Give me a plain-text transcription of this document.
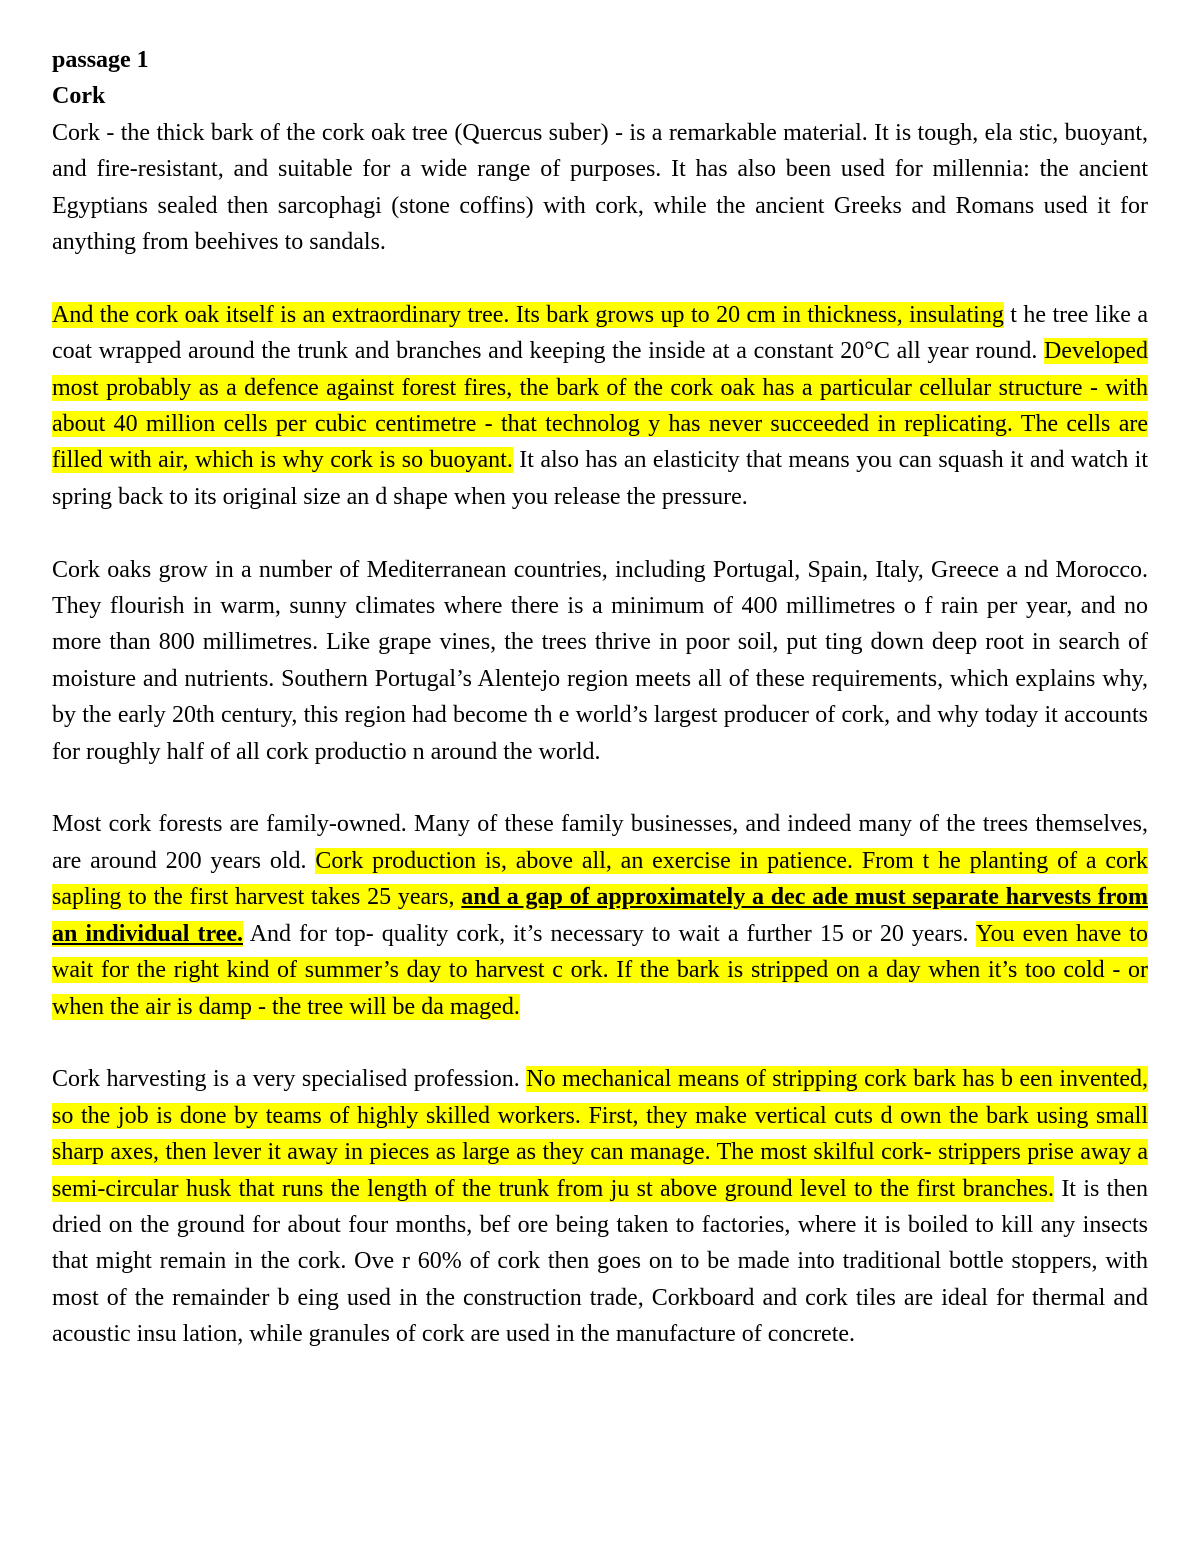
passage 1
Cork

Cork - the thick bark of the cork oak tree (Quercus suber) - is a remarkable material. It is tough, ela stic, buoyant, and fire-resistant, and suitable for a wide range of purposes. It has also been used for millennia: the ancient Egyptians sealed then sarcophagi (stone coffins) with cork, while the ancient Greeks and Romans used it for anything from beehives to sandals.

And the cork oak itself is an extraordinary tree. Its bark grows up to 20 cm in thickness, insulating t he tree like a coat wrapped around the trunk and branches and keeping the inside at a constant 20°C all year round. Developed most probably as a defence against forest fires, the bark of the cork oak has a particular cellular structure - with about 40 million cells per cubic centimetre - that technolog y has never succeeded in replicating. The cells are filled with air, which is why cork is so buoyant. It also has an elasticity that means you can squash it and watch it spring back to its original size an d shape when you release the pressure.

Cork oaks grow in a number of Mediterranean countries, including Portugal, Spain, Italy, Greece a nd Morocco. They flourish in warm, sunny climates where there is a minimum of 400 millimetres o f rain per year, and no more than 800 millimetres. Like grape vines, the trees thrive in poor soil, put ting down deep root in search of moisture and nutrients. Southern Portugal’s Alentejo region meets all of these requirements, which explains why, by the early 20th century, this region had become th e world’s largest producer of cork, and why today it accounts for roughly half of all cork productio n around the world.

Most cork forests are family-owned. Many of these family businesses, and indeed many of the trees themselves, are around 200 years old. Cork production is, above all, an exercise in patience. From t he planting of a cork sapling to the first harvest takes 25 years, and a gap of approximately a dec ade must separate harvests from an individual tree. And for top- quality cork, it’s necessary to wait a further 15 or 20 years. You even have to wait for the right kind of summer’s day to harvest c ork. If the bark is stripped on a day when it’s too cold - or when the air is damp - the tree will be da maged.

Cork harvesting is a very specialised profession. No mechanical means of stripping cork bark has b een invented, so the job is done by teams of highly skilled workers. First, they make vertical cuts d own the bark using small sharp axes, then lever it away in pieces as large as they can manage. The most skilful cork- strippers prise away a semi-circular husk that runs the length of the trunk from ju st above ground level to the first branches. It is then dried on the ground for about four months, bef ore being taken to factories, where it is boiled to kill any insects that might remain in the cork. Ove r 60% of cork then goes on to be made into traditional bottle stoppers, with most of the remainder b eing used in the construction trade, Corkboard and cork tiles are ideal for thermal and acoustic insu lation, while granules of cork are used in the manufacture of concrete.
